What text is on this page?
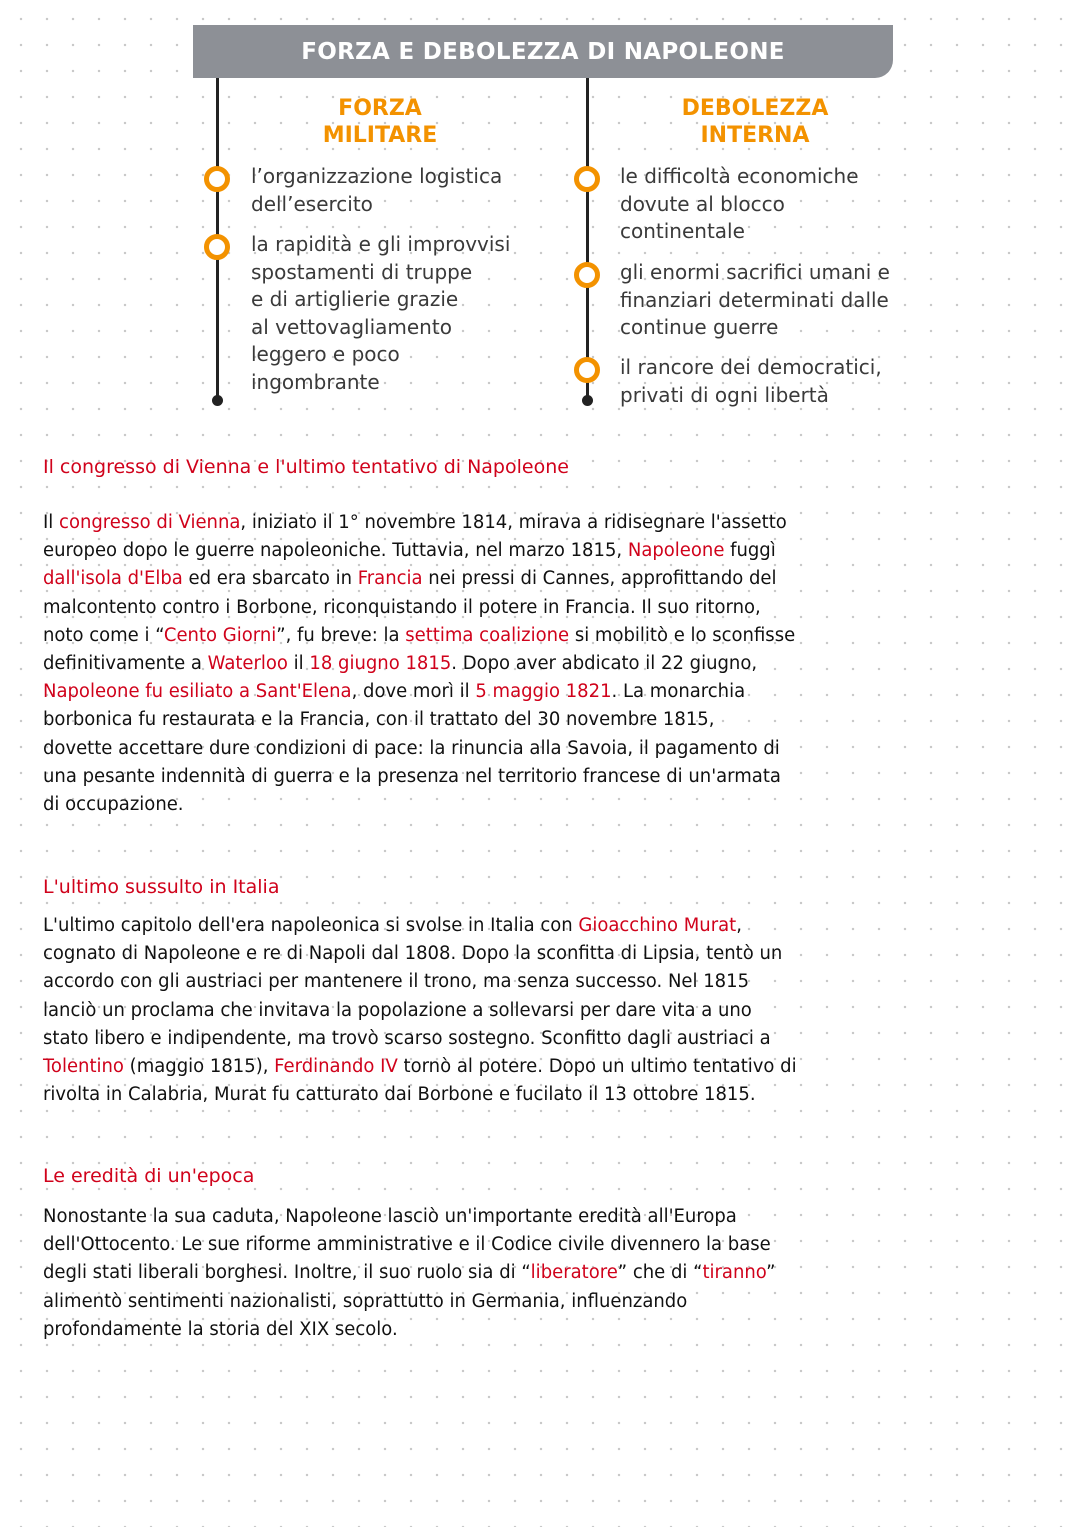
FORZA E DEBOLEZZA DI NAPOLEONE
FORZA
MILITARE
DEBOLEZZA
INTERNA
l’organizzazione logistica
dell’esercito
la rapidità e gli improvvisi
spostamenti di truppe
e di artiglierie grazie
al vettovagliamento
leggero e poco
ingombrante
le difficoltà economiche
dovute al blocco
continentale
gli enormi sacrifici umani e
finanziari determinati dalle
continue guerre
il rancore dei democratici,
privati di ogni libertà
Il congresso di Vienna e l'ultimo tentativo di Napoleone
Il congresso di Vienna, iniziato il 1° novembre 1814, mirava a ridisegnare l'assetto
europeo dopo le guerre napoleoniche. Tuttavia, nel marzo 1815, Napoleone fuggì
dall'isola d'Elba ed era sbarcato in Francia nei pressi di Cannes, approfittando del
malcontento contro i Borbone, riconquistando il potere in Francia. Il suo ritorno,
noto come i “Cento Giorni”, fu breve: la settima coalizione si mobilitò e lo sconfisse
definitivamente a Waterloo il 18 giugno 1815. Dopo aver abdicato il 22 giugno,
Napoleone fu esiliato a Sant'Elena, dove morì il 5 maggio 1821. La monarchia
borbonica fu restaurata e la Francia, con il trattato del 30 novembre 1815,
dovette accettare dure condizioni di pace: la rinuncia alla Savoia, il pagamento di
una pesante indennità di guerra e la presenza nel territorio francese di un'armata
di occupazione.
L'ultimo sussulto in Italia
L'ultimo capitolo dell'era napoleonica si svolse in Italia con Gioacchino Murat,
cognato di Napoleone e re di Napoli dal 1808. Dopo la sconfitta di Lipsia, tentò un
accordo con gli austriaci per mantenere il trono, ma senza successo. Nel 1815
lanciò un proclama che invitava la popolazione a sollevarsi per dare vita a uno
stato libero e indipendente, ma trovò scarso sostegno. Sconfitto dagli austriaci a
Tolentino (maggio 1815), Ferdinando IV tornò al potere. Dopo un ultimo tentativo di
rivolta in Calabria, Murat fu catturato dai Borbone e fucilato il 13 ottobre 1815.
Le eredità di un'epoca
Nonostante la sua caduta, Napoleone lasciò un'importante eredità all'Europa
dell'Ottocento. Le sue riforme amministrative e il Codice civile divennero la base
degli stati liberali borghesi. Inoltre, il suo ruolo sia di “liberatore” che di “tiranno”
alimentò sentimenti nazionalisti, soprattutto in Germania, influenzando
profondamente la storia del XIX secolo.
